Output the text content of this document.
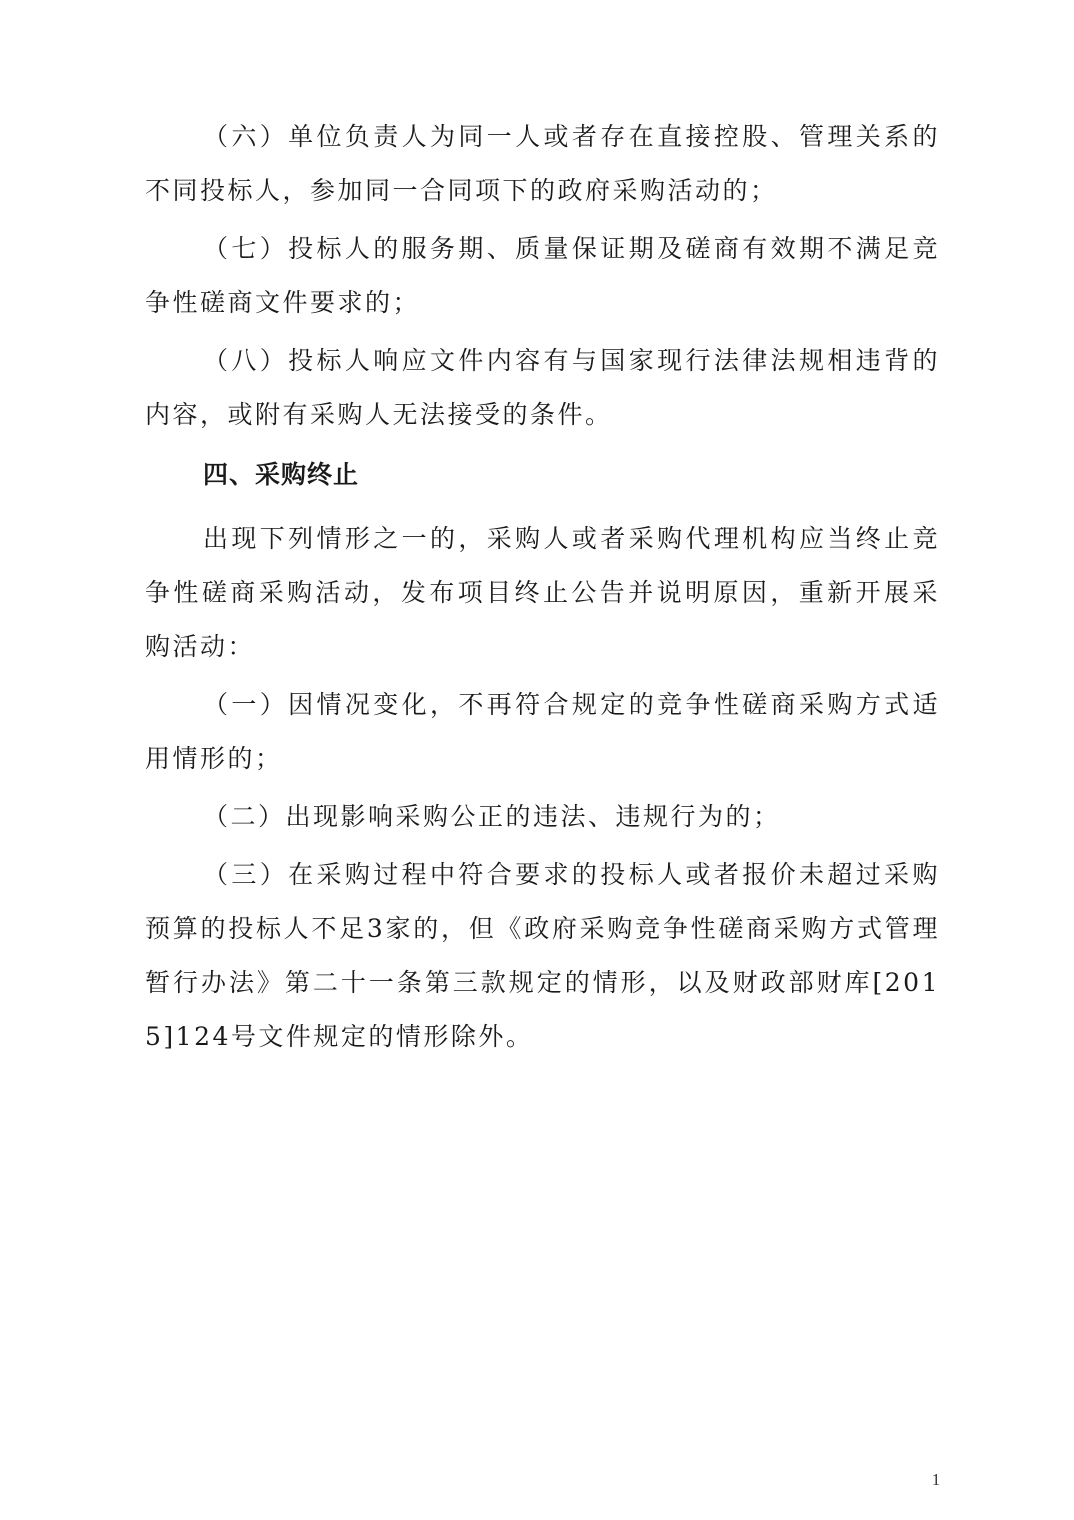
（六）单位负责人为同一人或者存在直接控股、管理关系的不同投标人，参加同一合同项下的政府采购活动的；

（七）投标人的服务期、质量保证期及磋商有效期不满足竞争性磋商文件要求的；

（八）投标人响应文件内容有与国家现行法律法规相违背的内容，或附有采购人无法接受的条件。

四、采购终止

出现下列情形之一的，采购人或者采购代理机构应当终止竞争性磋商采购活动，发布项目终止公告并说明原因，重新开展采购活动：

（一）因情况变化，不再符合规定的竞争性磋商采购方式适用情形的；

（二）出现影响采购公正的违法、违规行为的；

（三）在采购过程中符合要求的投标人或者报价未超过采购预算的投标人不足3家的，但《政府采购竞争性磋商采购方式管理暂行办法》第二十一条第三款规定的情形，以及财政部财库[2015]124号文件规定的情形除外。

1
